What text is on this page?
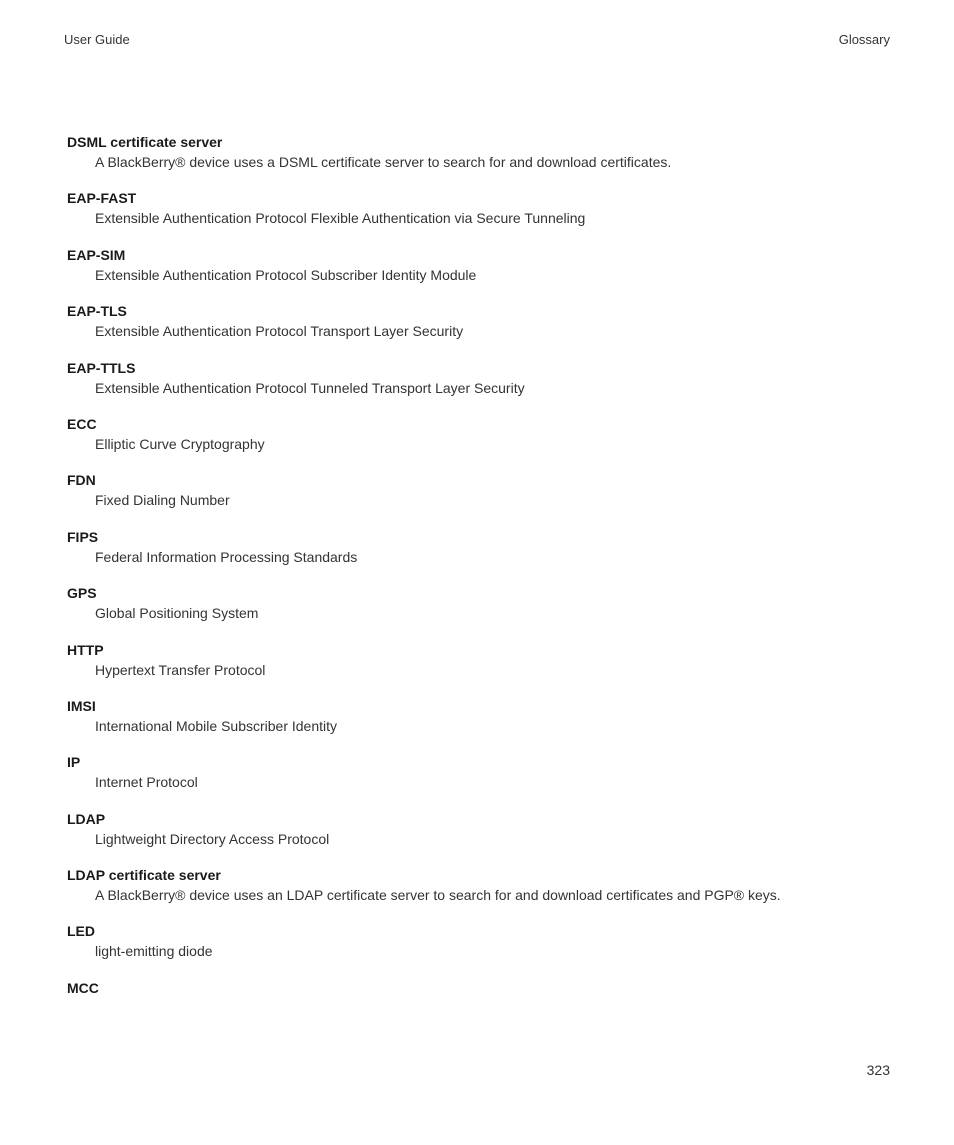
User Guide	Glossary

DSML certificate server

A BlackBerry® device uses a DSML certificate server to search for and download certificates.

EAP-FAST

Extensible Authentication Protocol Flexible Authentication via Secure Tunneling

EAP-SIM

Extensible Authentication Protocol Subscriber Identity Module

EAP-TLS

Extensible Authentication Protocol Transport Layer Security

EAP-TTLS

Extensible Authentication Protocol Tunneled Transport Layer Security

ECC

Elliptic Curve Cryptography

FDN

Fixed Dialing Number

FIPS

Federal Information Processing Standards

GPS

Global Positioning System

HTTP

Hypertext Transfer Protocol

IMSI

International Mobile Subscriber Identity

IP

Internet Protocol

LDAP

Lightweight Directory Access Protocol

LDAP certificate server

A BlackBerry® device uses an LDAP certificate server to search for and download certificates and PGP® keys.

LED

light-emitting diode

MCC

323
